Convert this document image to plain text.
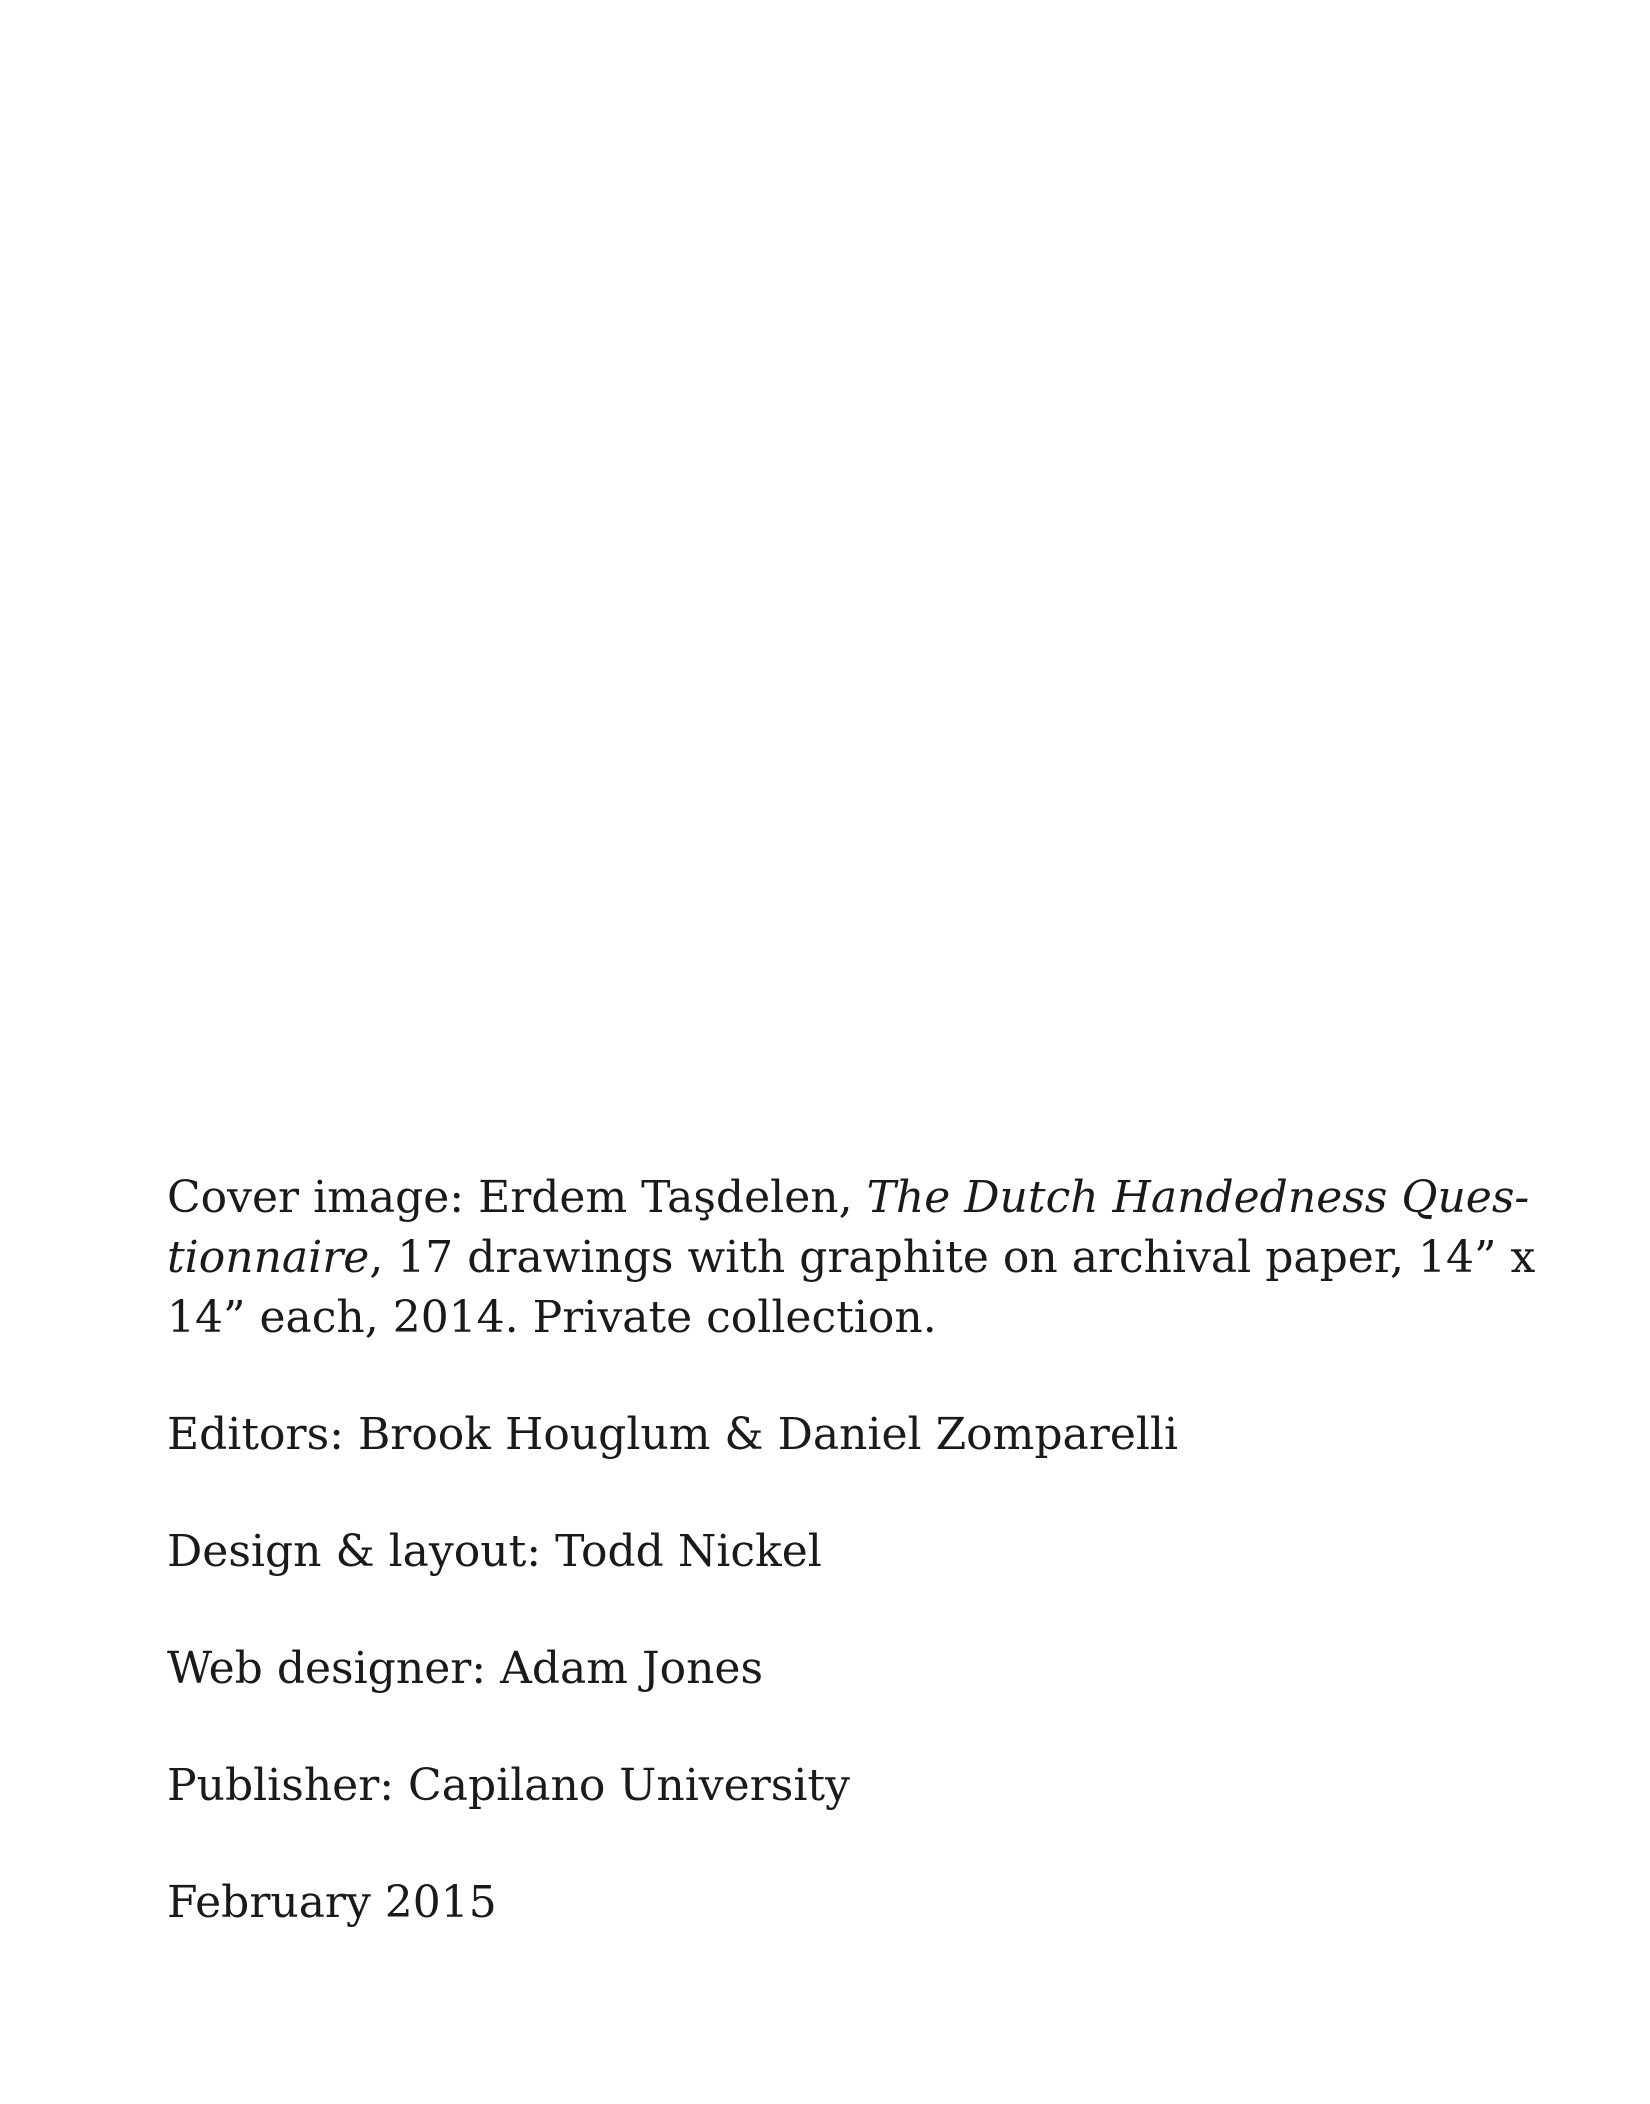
Cover image: Erdem Taşdelen, The Dutch Handedness Ques-
tionnaire, 17 drawings with graphite on archival paper, 14” x
14” each, 2014. Private collection.

Editors: Brook Houglum & Daniel Zomparelli

Design & layout: Todd Nickel

Web designer: Adam Jones

Publisher: Capilano University

February 2015
